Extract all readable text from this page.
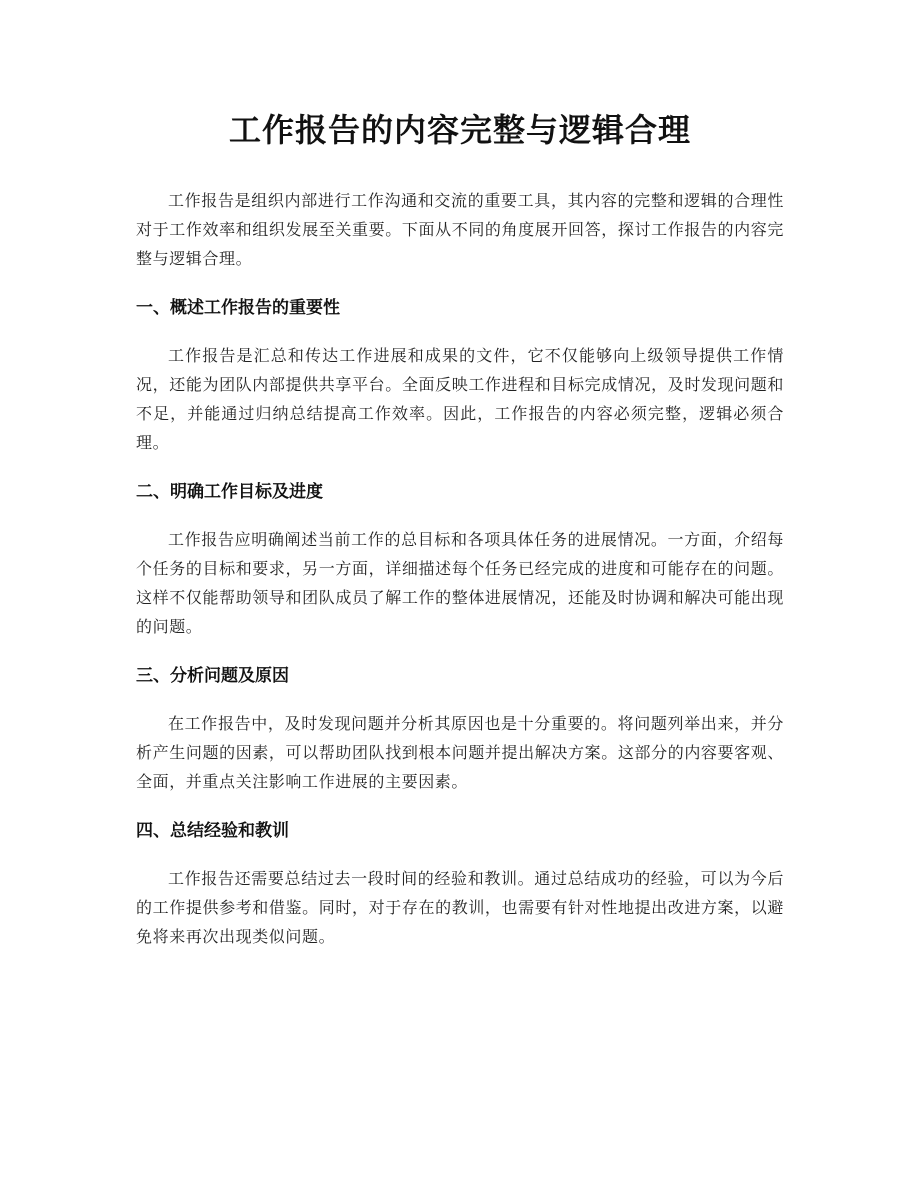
工作报告的内容完整与逻辑合理

工作报告是组织内部进行工作沟通和交流的重要工具，其内容的完整和逻辑的合理性对于工作效率和组织发展至关重要。下面从不同的角度展开回答，探讨工作报告的内容完整与逻辑合理。

一、概述工作报告的重要性

工作报告是汇总和传达工作进展和成果的文件，它不仅能够向上级领导提供工作情况，还能为团队内部提供共享平台。全面反映工作进程和目标完成情况，及时发现问题和不足，并能通过归纳总结提高工作效率。因此，工作报告的内容必须完整，逻辑必须合理。

二、明确工作目标及进度

工作报告应明确阐述当前工作的总目标和各项具体任务的进展情况。一方面，介绍每个任务的目标和要求，另一方面，详细描述每个任务已经完成的进度和可能存在的问题。这样不仅能帮助领导和团队成员了解工作的整体进展情况，还能及时协调和解决可能出现的问题。

三、分析问题及原因

在工作报告中，及时发现问题并分析其原因也是十分重要的。将问题列举出来，并分析产生问题的因素，可以帮助团队找到根本问题并提出解决方案。这部分的内容要客观、全面，并重点关注影响工作进展的主要因素。

四、总结经验和教训

工作报告还需要总结过去一段时间的经验和教训。通过总结成功的经验，可以为今后的工作提供参考和借鉴。同时，对于存在的教训，也需要有针对性地提出改进方案，以避免将来再次出现类似问题。
